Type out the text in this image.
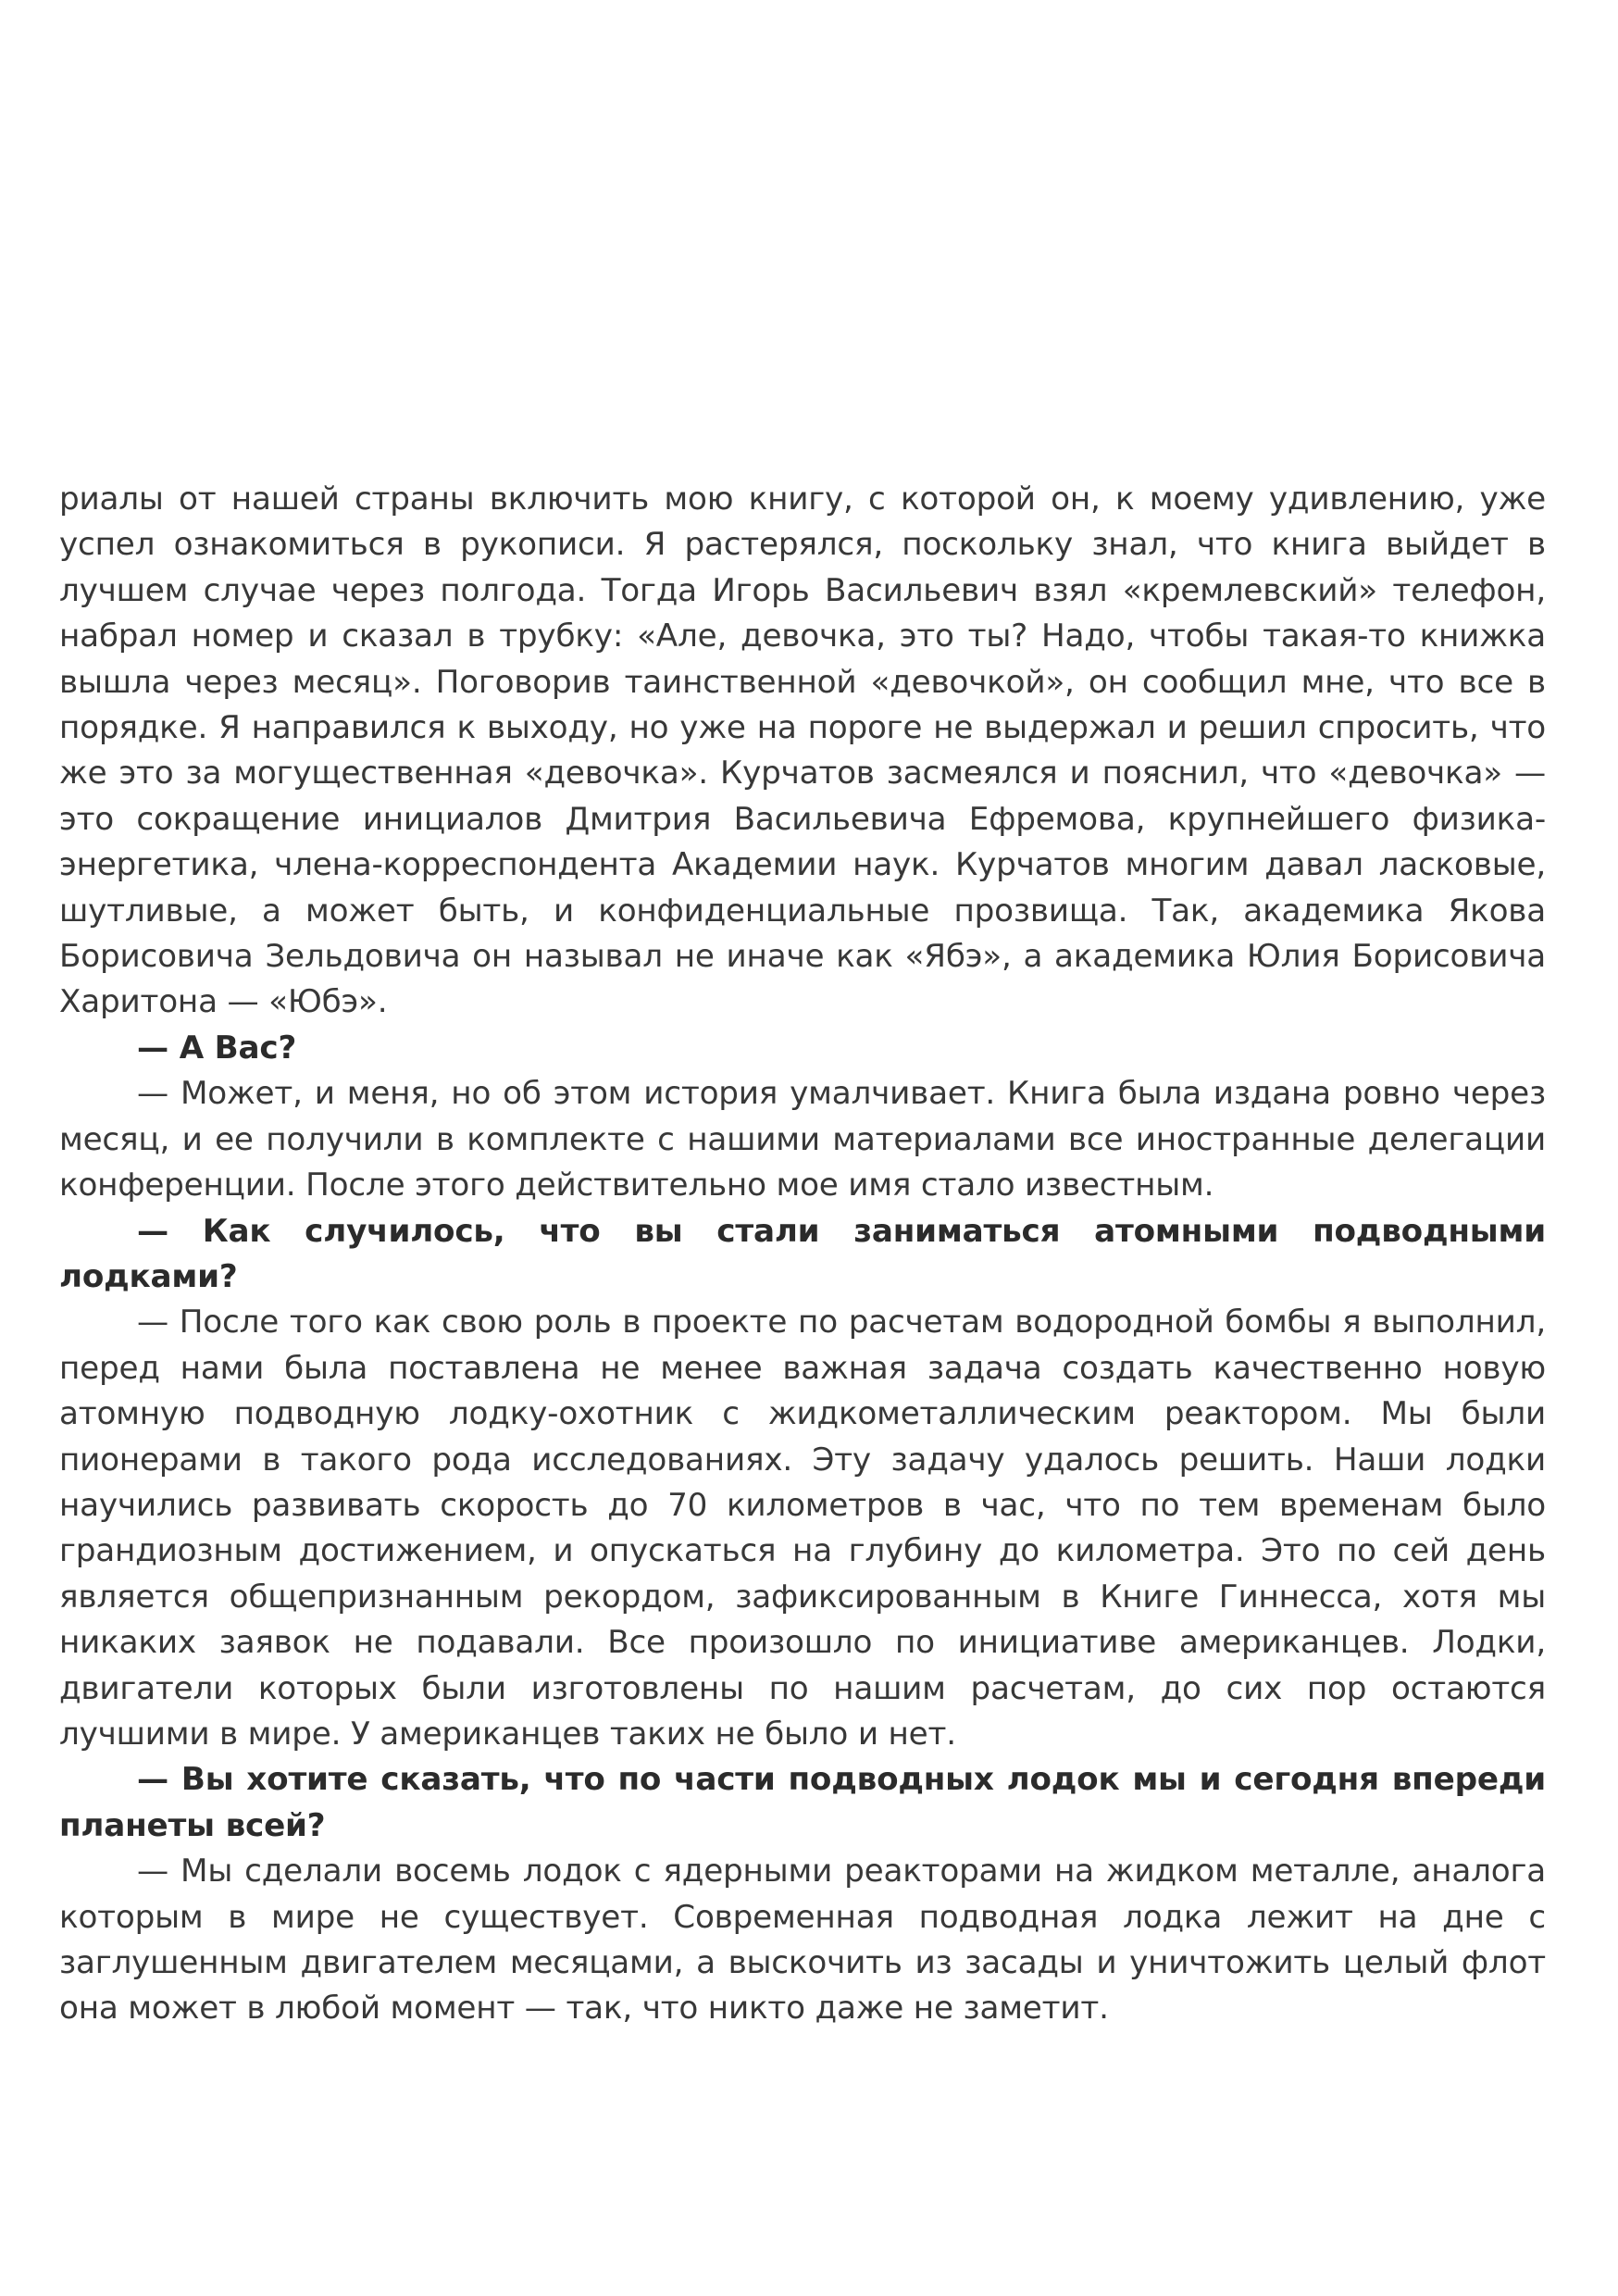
риалы от нашей страны включить мою книгу, с которой он, к моему удивлению, уже успел ознакомиться в рукописи. Я растерялся, поскольку знал, что книга выйдет в лучшем случае через полгода. Тогда Игорь Васильевич взял «кремлевский» телефон, набрал номер и сказал в трубку: «Але, девочка, это ты? Надо, чтобы такая-то книжка вышла через месяц». Поговорив таинственной «девочкой», он сообщил мне, что все в порядке. Я направился к выходу, но уже на пороге не выдержал и решил спросить, что же это за могущественная «девочка». Курчатов засмеялся и пояснил, что «девочка» — это сокращение инициалов Дмитрия Васильевича Ефремова, крупнейшего физика-энергетика, члена-корреспондента Академии наук. Курчатов многим давал ласковые, шутливые, а может быть, и конфиденциальные прозвища. Так, академика Якова Борисовича Зельдовича он называл не иначе как «Ябэ», а академика Юлия Борисовича Харитона — «Юбэ».

— А Вас?

— Может, и меня, но об этом история умалчивает. Книга была издана ровно через месяц, и ее получили в комплекте с нашими материалами все иностранные делегации конференции. После этого действительно мое имя стало известным.

— Как случилось, что вы стали заниматься атомными подводными лодками?

— После того как свою роль в проекте по расчетам водородной бомбы я выполнил, перед нами была поставлена не менее важная задача создать качественно новую атомную подводную лодку-охотник с жидкометаллическим реактором. Мы были пионерами в такого рода исследованиях. Эту задачу удалось решить. Наши лодки научились развивать скорость до 70 километров в час, что по тем временам было грандиозным достижением, и опускаться на глубину до километра. Это по сей день является общепризнанным рекордом, зафиксированным в Книге Гиннесса, хотя мы никаких заявок не подавали. Все произошло по инициативе американцев. Лодки, двигатели которых были изготовлены по нашим расчетам, до сих пор остаются лучшими в мире. У американцев таких не было и нет.

— Вы хотите сказать, что по части подводных лодок мы и сегодня впереди планеты всей?

— Мы сделали восемь лодок с ядерными реакторами на жидком металле, аналога которым в мире не существует. Современная подводная лодка лежит на дне с заглушенным двигателем месяцами, а выскочить из засады и уничтожить целый флот она может в любой момент — так, что никто даже не заметит.
